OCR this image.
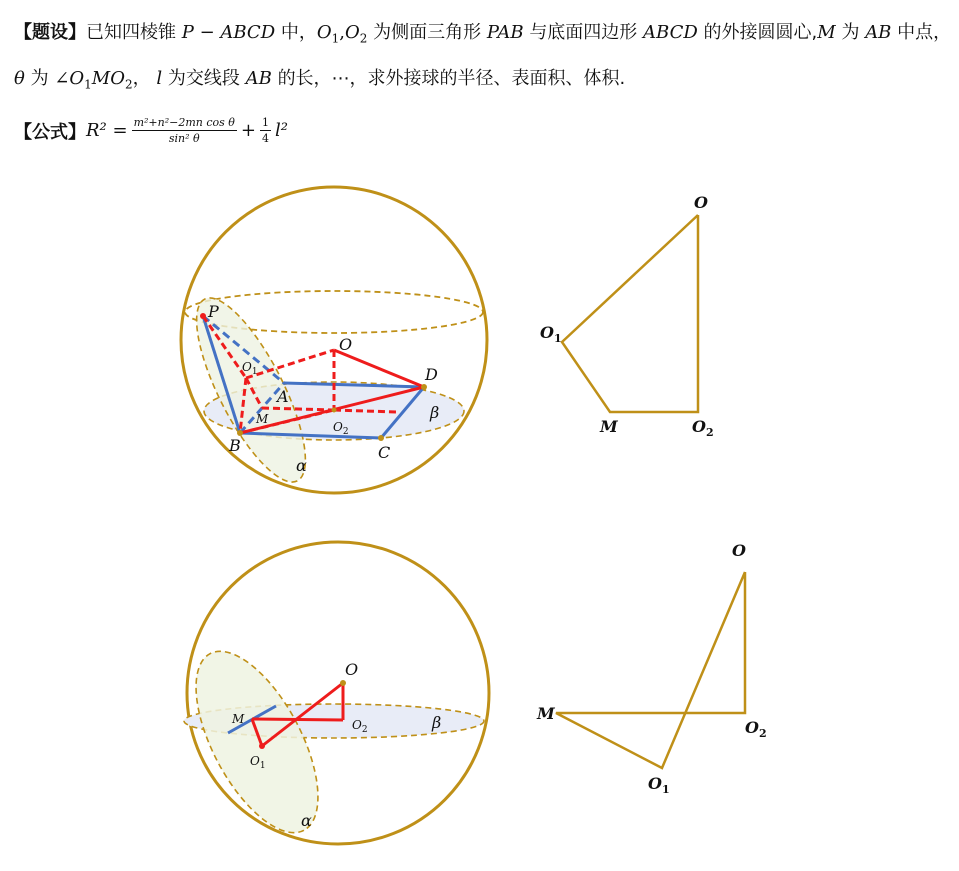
【题设】已知四棱锥 P − ABCD 中，$O_1,O_2$ 为侧面三角形 PAB 与底面四边形 ABCD 的外接圆圆心,M 为 AB 中点，
θ 为 $\angle O_1MO_2$， l 为交线段 AB 的长，⋯，求外接球的半径、表面积、体积.
【公式】 $R^2 = \frac{\text{m²+n²−2mn cos θ}}{\text{sin² θ}} + \frac{1}{4} l^2$
P
O
$O_1$
A
D
M
$O_2$
β
B	C
α
O
$O_1$
M	$O_2$
O
M	$O_2$	β
$O_1$
α
O
M
$O_2$
$O_1$
